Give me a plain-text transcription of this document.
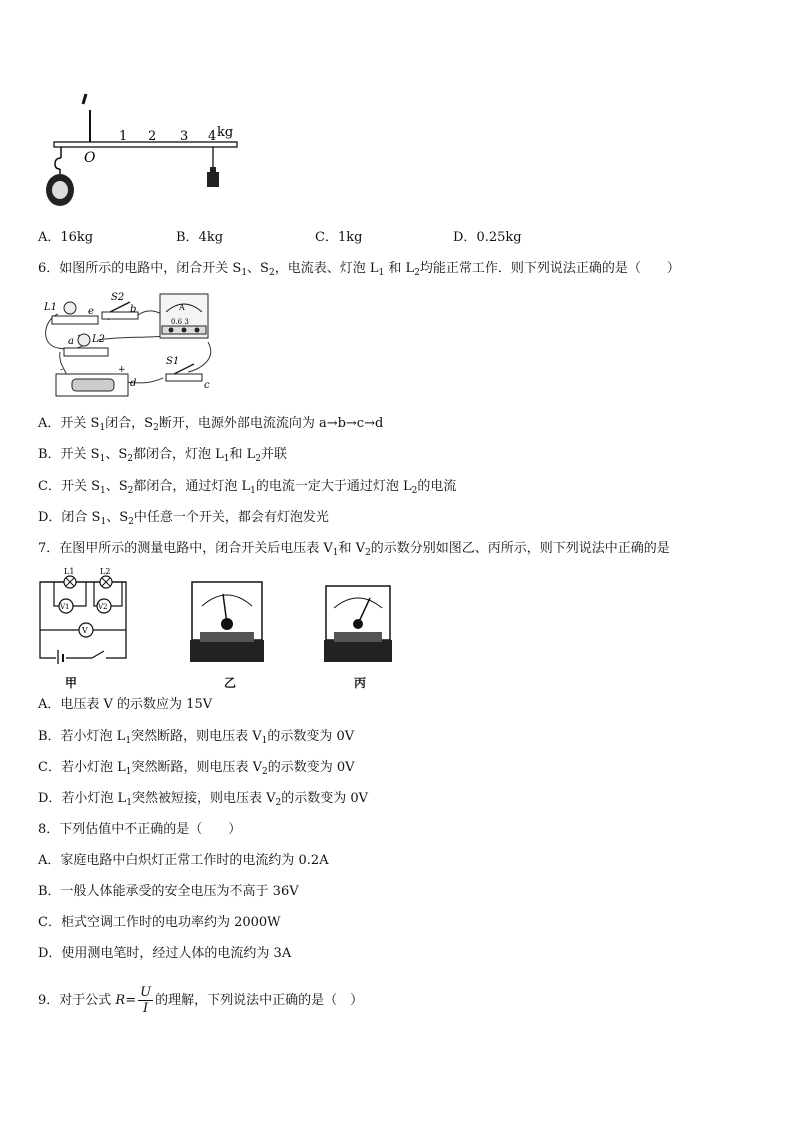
O
1 2 3 4 kg
A．16kg	B．4kg	C．1kg	D．0.25kg
6．如图所示的电路中，闭合开关 $S_1$、$S_2$，电流表、灯泡 $L_1$ 和 $L_2$均能正常工作．则下列说法正确的是（　　）
L1	e
S2
b	A
0.6 3
L2
a
-	+
d
S1
c
A．开关 $S_1$闭合，$S_2$断开，电源外部电流流向为 a→b→c→d
B．开关 $S_1$、$S_2$都闭合，灯泡 $L_1$和 $L_2$并联
C．开关 $S_1$、$S_2$都闭合，通过灯泡 $L_1$的电流一定大于通过灯泡 $L_2$的电流
D．闭合 $S_1$、$S_2$中任意一个开关，都会有灯泡发光
7．在图甲所示的测量电路中，闭合开关后电压表 $V_1$和 $V_2$的示数分别如图乙、丙所示，则下列说法中正确的是
L1	L2
V1	V2
V
甲	乙	丙
A．电压表 V 的示数应为 15V
B．若小灯泡 $L_1$突然断路，则电压表 $V_1$的示数变为 0V
C．若小灯泡 $L_1$突然断路，则电压表 $V_2$的示数变为 0V
D．若小灯泡 $L_1$突然被短接，则电压表 $V_2$的示数变为 0V
8．下列估值中不正确的是（　　）
A．家庭电路中白炽灯正常工作时的电流约为 0.2A
B．一般人体能承受的安全电压为不高于 36V
C．柜式空调工作时的电功率约为 2000W
D．使用测电笔时，经过人体的电流约为 3A
9．对于公式 $R= \frac{U}{I}$ 的理解，下列说法中正确的是（　）
